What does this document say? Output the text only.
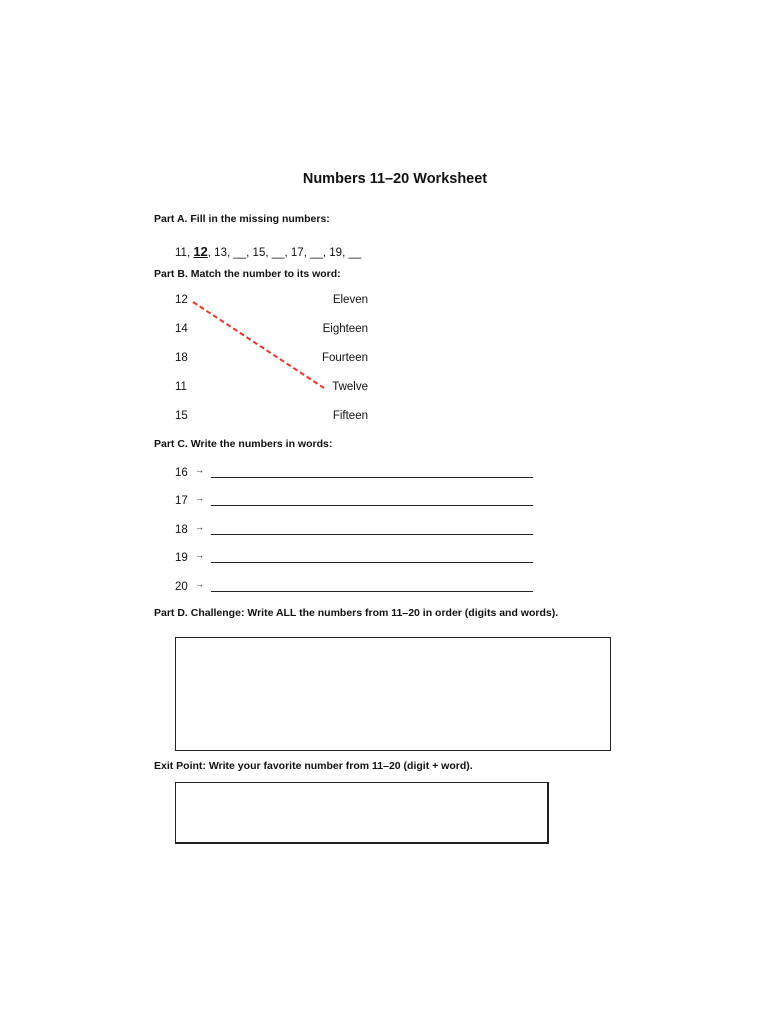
Numbers 11–20 Worksheet
Part A. Fill in the missing numbers:
11, 12, 13, __, 15, __, 17, __, 19, __
Part B. Match the number to its word:
12
14
18
11
15
Eleven
Eighteen
Fourteen
Twelve
Fifteen
Part C. Write the numbers in words:
16 →
17 →
18 →
19 →
20 →
Part D. Challenge: Write ALL the numbers from 11–20 in order (digits and words).
Exit Point: Write your favorite number from 11–20 (digit + word).
